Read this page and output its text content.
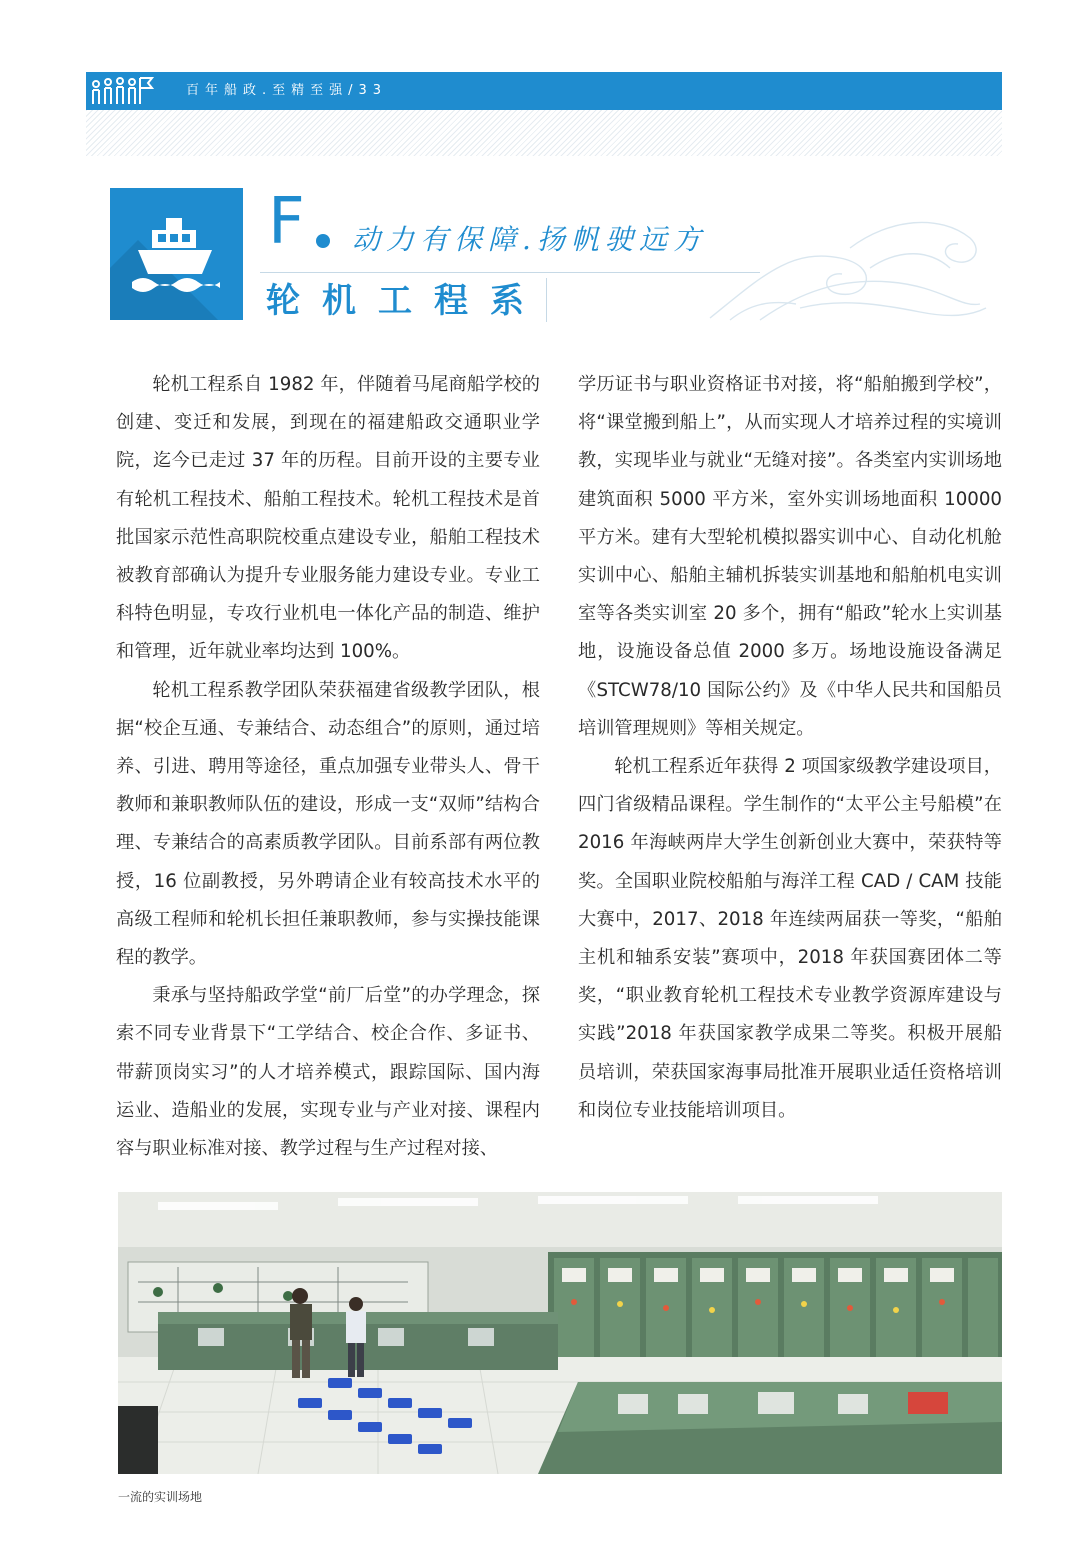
百年船政.至精至强/33
F 动力有保障.扬帆驶远方
轮机工程系

轮机工程系自 1982 年，伴随着马尾商船学校的创建、变迁和发展，到现在的福建船政交通职业学院，迄今已走过 37 年的历程。目前开设的主要专业有轮机工程技术、船舶工程技术。轮机工程技术是首批国家示范性高职院校重点建设专业，船舶工程技术被教育部确认为提升专业服务能力建设专业。专业工科特色明显，专攻行业机电一体化产品的制造、维护和管理，近年就业率均达到 100%。

轮机工程系教学团队荣获福建省级教学团队，根据“校企互通、专兼结合、动态组合”的原则，通过培养、引进、聘用等途径，重点加强专业带头人、骨干教师和兼职教师队伍的建设，形成一支“双师”结构合理、专兼结合的高素质教学团队。目前系部有两位教授，16 位副教授，另外聘请企业有较高技术水平的高级工程师和轮机长担任兼职教师，参与实操技能课程的教学。

秉承与坚持船政学堂“前厂后堂”的办学理念，探索不同专业背景下“工学结合、校企合作、多证书、带薪顶岗实习”的人才培养模式，跟踪国际、国内海运业、造船业的发展，实现专业与产业对接、课程内容与职业标准对接、教学过程与生产过程对接、

学历证书与职业资格证书对接，将“船舶搬到学校”，将“课堂搬到船上”，从而实现人才培养过程的实境训教，实现毕业与就业“无缝对接”。各类室内实训场地建筑面积 5000 平方米，室外实训场地面积 10000 平方米。建有大型轮机模拟器实训中心、自动化机舱实训中心、船舶主辅机拆装实训基地和船舶机电实训室等各类实训室 20 多个，拥有“船政”轮水上实训基地，设施设备总值 2000 多万。场地设施设备满足《STCW78/10 国际公约》及《中华人民共和国船员培训管理规则》等相关规定。

轮机工程系近年获得 2 项国家级教学建设项目，四门省级精品课程。学生制作的“太平公主号船模”在 2016 年海峡两岸大学生创新创业大赛中，荣获特等奖。全国职业院校船舶与海洋工程 CAD / CAM 技能大赛中，2017、2018 年连续两届获一等奖，“船舶主机和轴系安装”赛项中，2018 年获国赛团体二等奖，“职业教育轮机工程技术专业教学资源库建设与实践”2018 年获国家教学成果二等奖。积极开展船员培训，荣获国家海事局批准开展职业适任资格培训和岗位专业技能培训项目。

一流的实训场地
